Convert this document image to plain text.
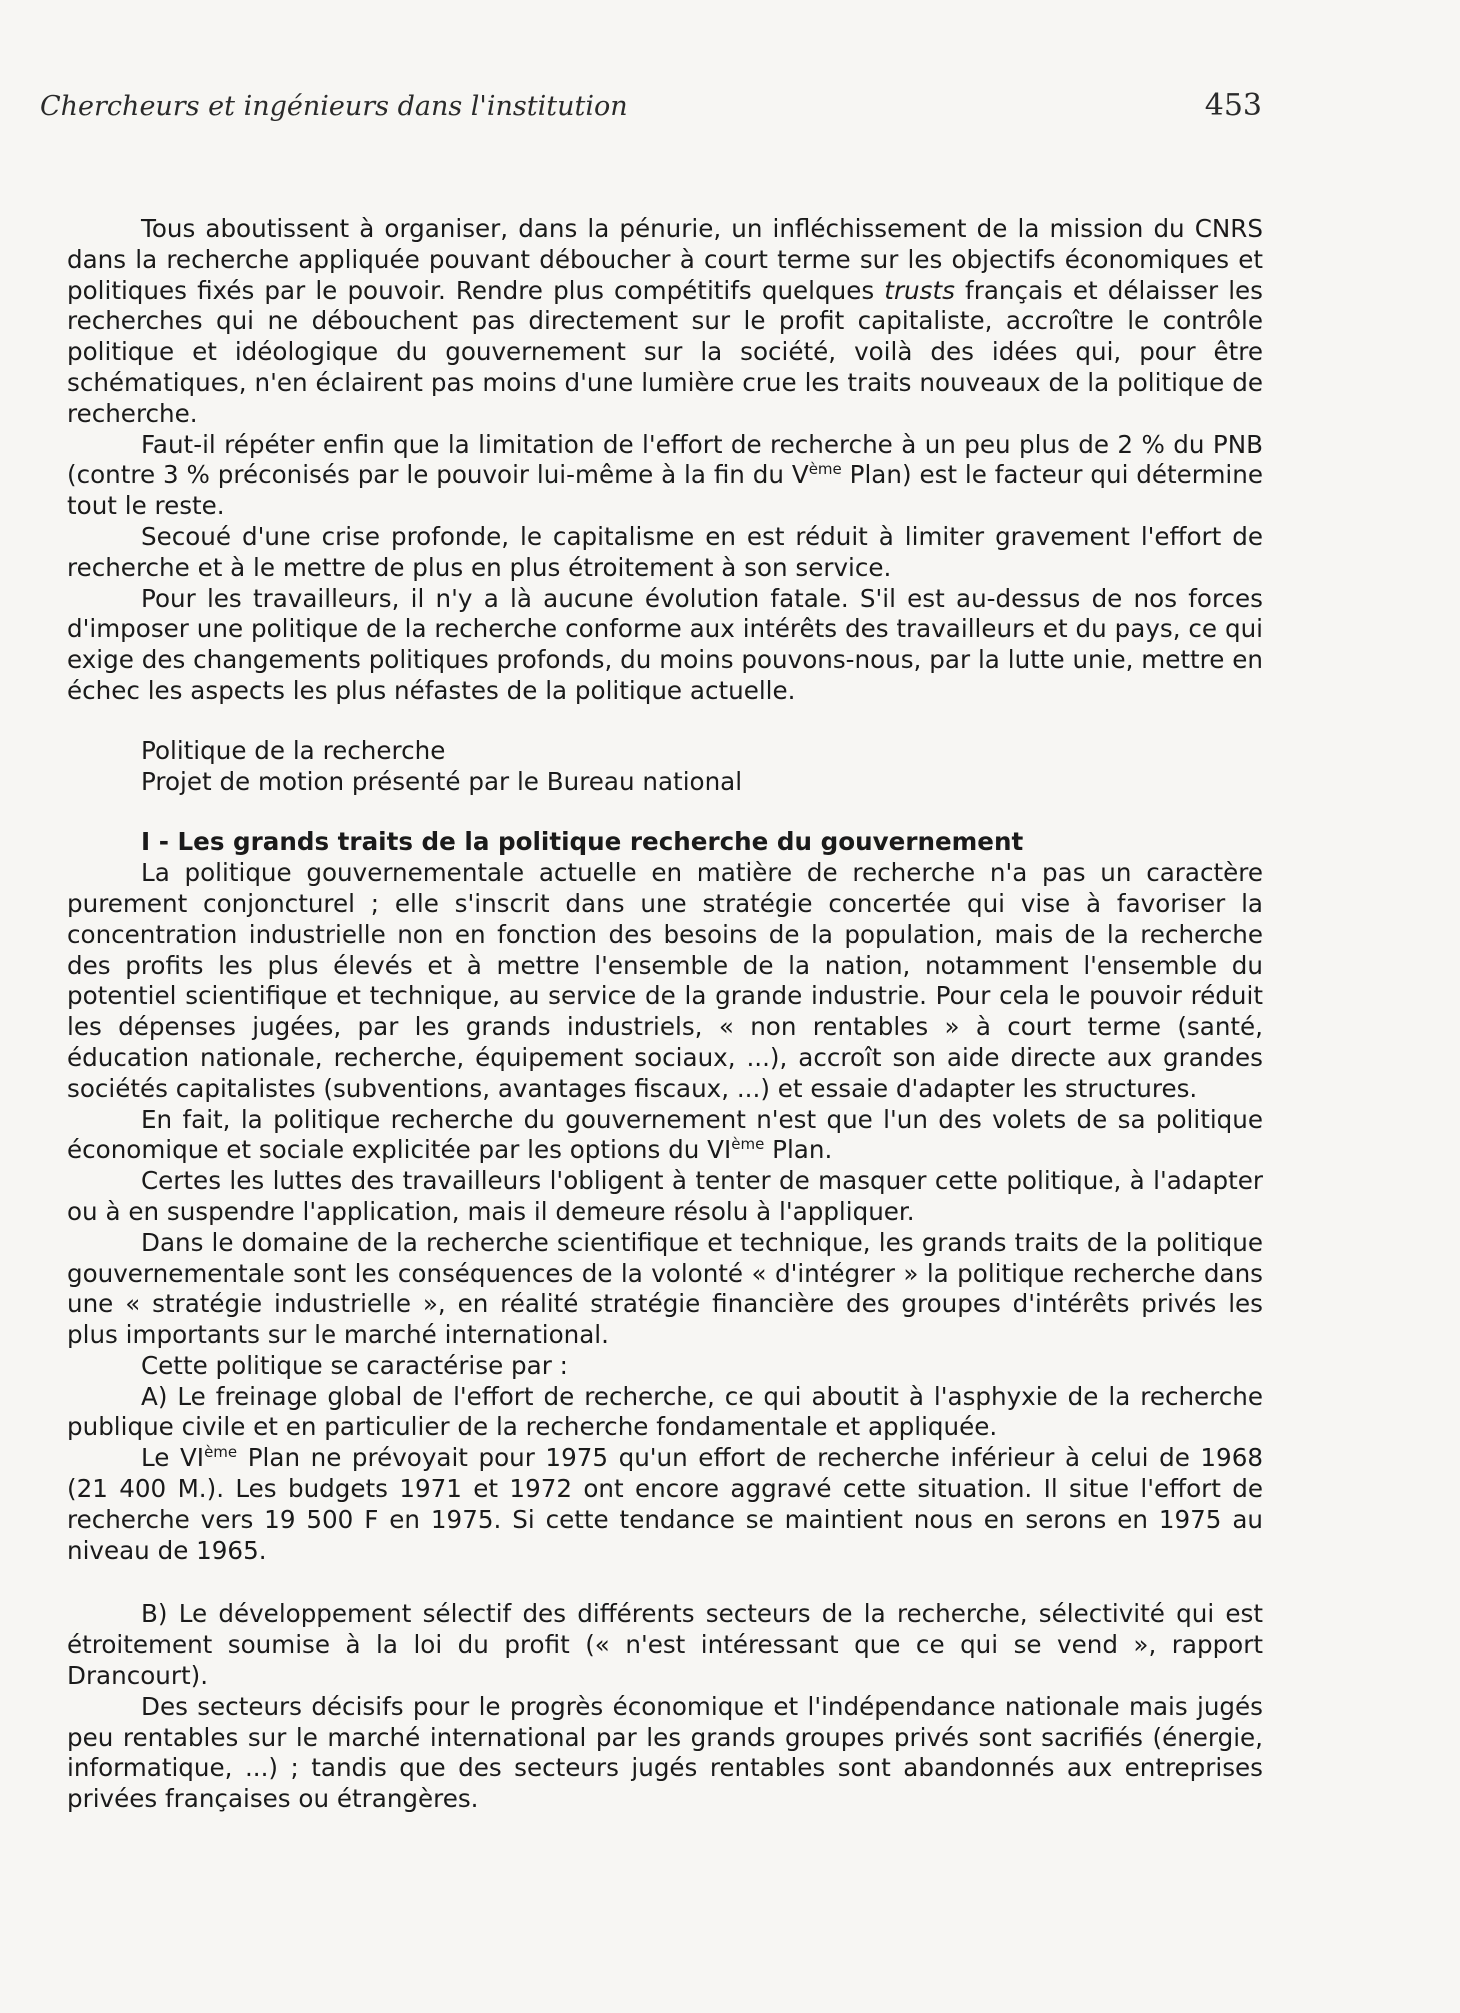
Chercheurs et ingénieurs dans l'institution	453

Tous aboutissent à organiser, dans la pénurie, un infléchissement de la mission du CNRS dans la recherche appliquée pouvant déboucher à court terme sur les objectifs économiques et politiques fixés par le pouvoir. Rendre plus compétitifs quelques trusts français et délaisser les recherches qui ne débouchent pas directement sur le profit capitaliste, accroître le contrôle politique et idéologique du gouvernement sur la société, voilà des idées qui, pour être schématiques, n'en éclairent pas moins d'une lumière crue les traits nouveaux de la politique de recherche.

Faut-il répéter enfin que la limitation de l'effort de recherche à un peu plus de 2 % du PNB (contre 3 % préconisés par le pouvoir lui-même à la fin du Vème Plan) est le facteur qui détermine tout le reste.

Secoué d'une crise profonde, le capitalisme en est réduit à limiter gravement l'effort de recherche et à le mettre de plus en plus étroitement à son service.

Pour les travailleurs, il n'y a là aucune évolution fatale. S'il est au-dessus de nos forces d'imposer une politique de la recherche conforme aux intérêts des travailleurs et du pays, ce qui exige des changements politiques profonds, du moins pouvons-nous, par la lutte unie, mettre en échec les aspects les plus néfastes de la politique actuelle.

Politique de la recherche
Projet de motion présenté par le Bureau national
I - Les grands traits de la politique recherche du gouvernement

La politique gouvernementale actuelle en matière de recherche n'a pas un caractère purement conjoncturel ; elle s'inscrit dans une stratégie concertée qui vise à favoriser la concentration industrielle non en fonction des besoins de la population, mais de la recherche des profits les plus élevés et à mettre l'ensemble de la nation, notamment l'ensemble du potentiel scientifique et technique, au service de la grande industrie. Pour cela le pouvoir réduit les dépenses jugées, par les grands industriels, « non rentables » à court terme (santé, éducation nationale, recherche, équipement sociaux, ...), accroît son aide directe aux grandes sociétés capitalistes (subventions, avantages fiscaux, ...) et essaie d'adapter les structures.

En fait, la politique recherche du gouvernement n'est que l'un des volets de sa politique économique et sociale explicitée par les options du VIème Plan.

Certes les luttes des travailleurs l'obligent à tenter de masquer cette politique, à l'adapter ou à en suspendre l'application, mais il demeure résolu à l'appliquer.

Dans le domaine de la recherche scientifique et technique, les grands traits de la politique gouvernementale sont les conséquences de la volonté « d'intégrer » la politique recherche dans une « stratégie industrielle », en réalité stratégie financière des groupes d'intérêts privés les plus importants sur le marché international.

Cette politique se caractérise par :

A) Le freinage global de l'effort de recherche, ce qui aboutit à l'asphyxie de la recherche publique civile et en particulier de la recherche fondamentale et appliquée.

Le VIème Plan ne prévoyait pour 1975 qu'un effort de recherche inférieur à celui de 1968 (21 400 M.). Les budgets 1971 et 1972 ont encore aggravé cette situation. Il situe l'effort de recherche vers 19 500 F en 1975. Si cette tendance se maintient nous en serons en 1975 au niveau de 1965.

B) Le développement sélectif des différents secteurs de la recherche, sélectivité qui est étroitement soumise à la loi du profit (« n'est intéressant que ce qui se vend », rapport Drancourt).

Des secteurs décisifs pour le progrès économique et l'indépendance nationale mais jugés peu rentables sur le marché international par les grands groupes privés sont sacrifiés (énergie, informatique, ...) ; tandis que des secteurs jugés rentables sont abandonnés aux entreprises privées françaises ou étrangères.
